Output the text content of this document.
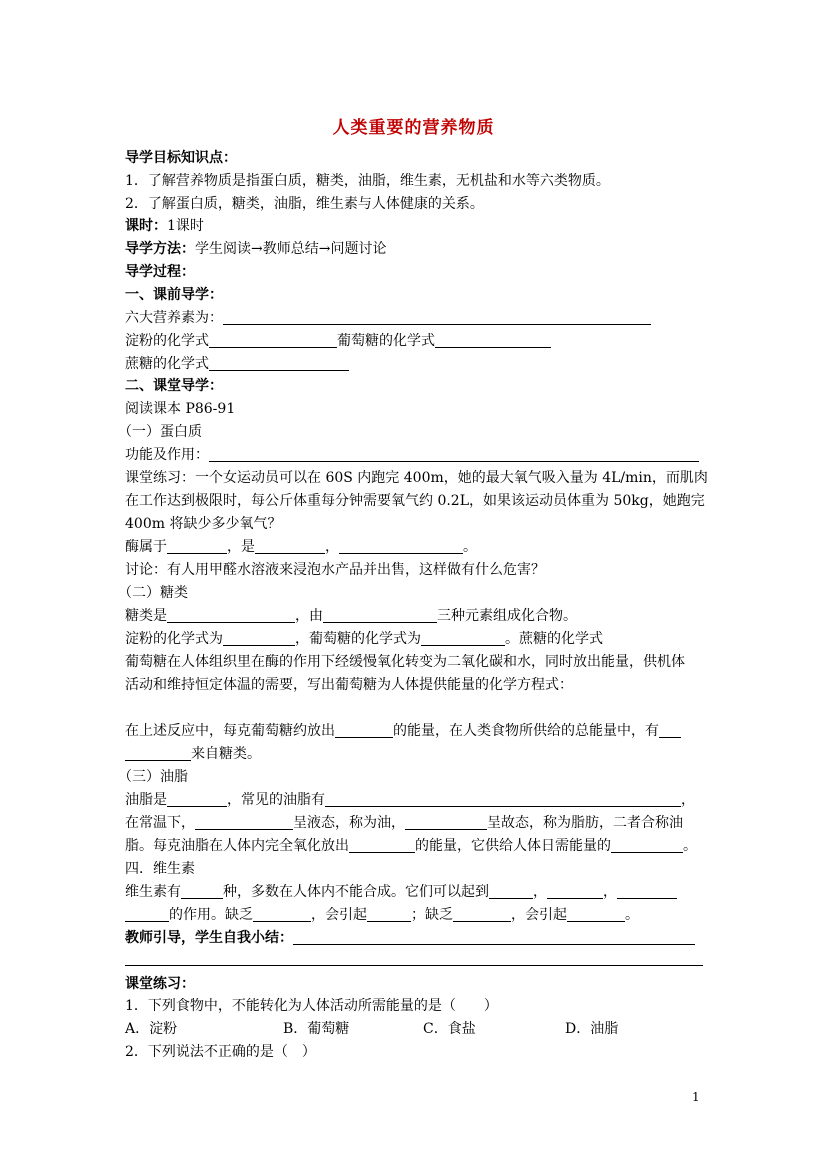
人类重要的营养物质
导学目标知识点：
1．了解营养物质是指蛋白质，糖类，油脂，维生素，无机盐和水等六类物质。
2．了解蛋白质，糖类，油脂，维生素与人体健康的关系。
课时：1课时
导学方法：学生阅读→教师总结→问题讨论
导学过程：
一、课前导学：
六大营养素为：
淀粉的化学式	葡萄糖的化学式
蔗糖的化学式
二、课堂导学：
阅读课本 P86-91
（一）蛋白质
功能及作用：
课堂练习：一个女运动员可以在 60S 内跑完 400m，她的最大氧气吸入量为 4L/min，而肌肉
在工作达到极限时，每公斤体重每分钟需要氧气约 0.2L，如果该运动员体重为 50kg，她跑完
400m 将缺少多少氧气？
酶属于	，是	，	。
讨论：有人用甲醛水溶液来浸泡水产品并出售，这样做有什么危害？
（二）糖类
糖类是	，由	三种元素组成化合物。
淀粉的化学式为	，葡萄糖的化学式为	。蔗糖的化学式
葡萄糖在人体组织里在酶的作用下经缓慢氧化转变为二氧化碳和水，同时放出能量，供机体
活动和维持恒定体温的需要，写出葡萄糖为人体提供能量的化学方程式：
在上述反应中，每克葡萄糖约放出	的能量，在人类食物所供给的总能量中，有
来自糖类。
（三）油脂
油脂是	，常见的油脂有	，
在常温下，	呈液态，称为油，	呈故态，称为脂肪，二者合称油
脂。每克油脂在人体内完全氧化放出	的能量，它供给人体日需能量的	。
四．维生素
维生素有	种，多数在人体内不能合成。它们可以起到	，	，
的作用。缺乏	，会引起	；缺乏	，会引起	。
教师引导，学生自我小结：
课堂练习：
1．下列食物中，不能转化为人体活动所需能量的是（　　）
A．淀粉	B．葡萄糖	C．食盐	D．油脂
2．下列说法不正确的是（　）
1
